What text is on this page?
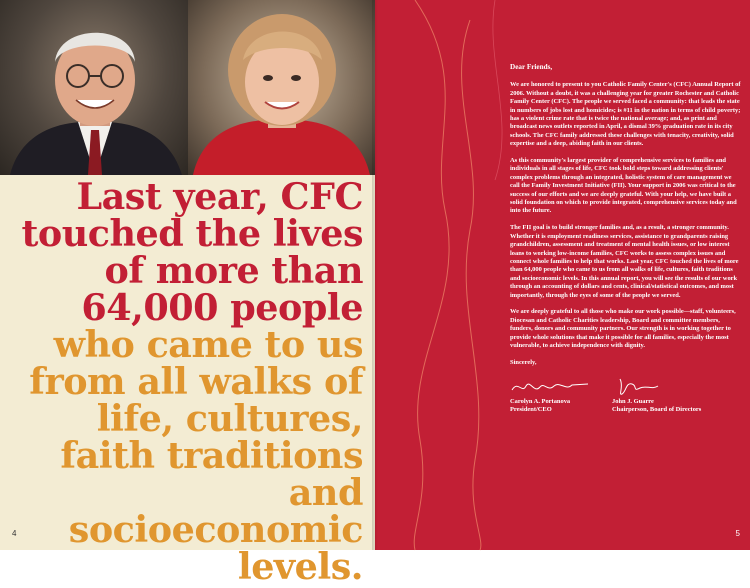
Last year, CFC touched the lives of more than 64,000 people who came to us from all walks of life, cultures, faith traditions and socioeconomic levels.
4

Dear Friends,

We are honored to present to you Catholic Family Center's (CFC) Annual Report of 2006. Without a doubt, it was a challenging year for greater Rochester and Catholic Family Center (CFC). The people we served faced a community: that leads the state in numbers of jobs lost and homicides; is #11 in the nation in terms of child poverty; has a violent crime rate that is twice the national average; and, as print and broadcast news outlets reported in April, a dismal 39% graduation rate in its city schools. The CFC family addressed these challenges with tenacity, creativity, solid expertise and a deep, abiding faith in our clients.

As this community's largest provider of comprehensive services to families and individuals in all stages of life, CFC took bold steps toward addressing clients' complex problems through an integrated, holistic system of care management we call the Family Investment Initiative (FII). Your support in 2006 was critical to the success of our efforts and we are deeply grateful. With your help, we have built a solid foundation on which to provide integrated, comprehensive services today and into the future.

The FII goal is to build stronger families and, as a result, a stronger community. Whether it is employment readiness services, assistance to grandparents raising grandchildren, assessment and treatment of mental health issues, or low interest loans to working low-income families, CFC works to assess complex issues and connect whole families to help that works. Last year, CFC touched the lives of more than 64,000 people who came to us from all walks of life, cultures, faith traditions and socioeconomic levels. In this annual report, you will see the results of our work through an accounting of dollars and cents, clinical/statistical outcomes, and most importantly, through the eyes of some of the people we served.

We are deeply grateful to all those who make our work possible—staff, volunteers, Diocesan and Catholic Charities leadership, Board and committee members, funders, donors and community partners. Our strength is in working together to provide whole solutions that make it possible for all families, especially the most vulnerable, to achieve independence with dignity.

Sincerely,

Carolyn A. Portanova
President/CEO
John J. Guarre
Chairperson, Board of Directors
5
